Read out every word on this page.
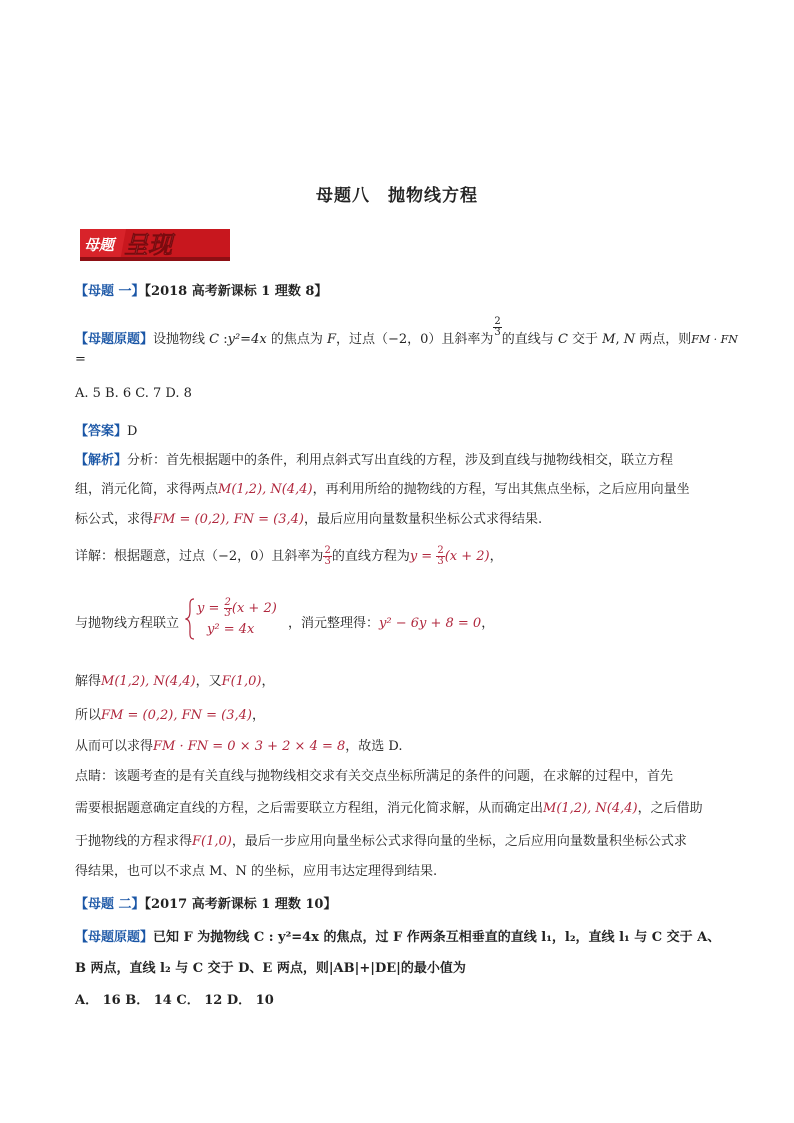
母题八　抛物线方程
母题 呈现
【母题 一】【2018 高考新课标 1 理数 8】
【母题原题】设抛物线 C :y²=4x 的焦点为 F，过点（−2，0）且斜率为
$\frac{2}{3}$
的直线与 C 交于 M, N 两点，则FM · FN
=
A. 5 B. 6 C. 7 D. 8
【答案】D
【解析】分析：首先根据题中的条件，利用点斜式写出直线的方程，涉及到直线与抛物线相交，联立方程
组，消元化简，求得两点M(1,2), N(4,4)，再利用所给的抛物线的方程，写出其焦点坐标，之后应用向量坐
标公式，求得FM = (0,2), FN = (3,4)，最后应用向量数量积坐标公式求得结果.
详解：根据题意，过点（−2，0）且斜率为 $\frac{2}{3}$ 的直线方程为$y = \frac{2}{3} (x + 2)$，
与抛物线方程联立
$y = \frac{2}{3} (x + 2)$
y² = 4x	，消元整理得：y² − 6y + 8 = 0，
解得M(1,2), N(4,4)，又F(1,0)，
所以FM = (0,2), FN = (3,4)，
从而可以求得FM · FN = 0 × 3 + 2 × 4 = 8，故选 D.
点睛：该题考查的是有关直线与抛物线相交求有关交点坐标所满足的条件的问题，在求解的过程中，首先
需要根据题意确定直线的方程，之后需要联立方程组，消元化简求解，从而确定出M(1,2), N(4,4)，之后借助
于抛物线的方程求得F(1,0)，最后一步应用向量坐标公式求得向量的坐标，之后应用向量数量积坐标公式求
得结果，也可以不求点 M、N 的坐标，应用韦达定理得到结果.
【母题 二】【2017 高考新课标 1 理数 10】
【母题原题】已知 F 为抛物线 C : y²=4x 的焦点，过 F 作两条互相垂直的直线 l₁，l₂，直线 l₁ 与 C 交于 A、
B 两点，直线 l₂ 与 C 交于 D、E 两点，则|AB|+|DE|的最小值为
A． 16 B． 14 C． 12 D． 10
